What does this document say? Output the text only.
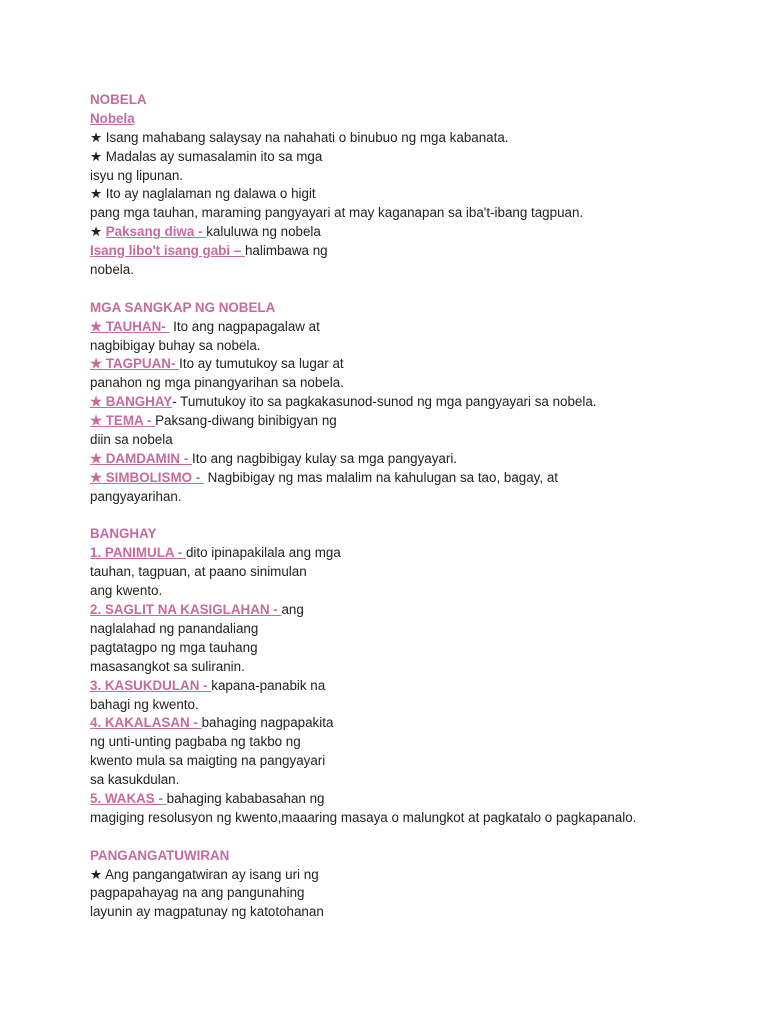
NOBELA
Nobela
★ Isang mahabang salaysay na nahahati o binubuo ng mga kabanata.
★ Madalas ay sumasalamin ito sa mga
isyu ng lipunan.
★ Ito ay naglalaman ng dalawa o higit
pang mga tauhan, maraming pangyayari at may kaganapan sa iba't-ibang tagpuan.
★ Paksang diwa - kaluluwa ng nobela
Isang libo't isang gabi – halimbawa ng
nobela.
MGA SANGKAP NG NOBELA
★ TAUHAN-  Ito ang nagpapagalaw at
nagbibigay buhay sa nobela.
★ TAGPUAN- Ito ay tumutukoy sa lugar at
panahon ng mga pinangyarihan sa nobela.
★ BANGHAY- Tumutukoy ito sa pagkakasunod-sunod ng mga pangyayari sa nobela.
★ TEMA - Paksang-diwang binibigyan ng
diin sa nobela
★ DAMDAMIN - Ito ang nagbibigay kulay sa mga pangyayari.
★ SIMBOLISMO -  Nagbibigay ng mas malalim na kahulugan sa tao, bagay, at
pangyayarihan.
BANGHAY
1. PANIMULA - dito ipinapakilala ang mga
tauhan, tagpuan, at paano sinimulan
ang kwento.
2. SAGLIT NA KASIGLAHAN - ang
naglalahad ng panandaliang
pagtatagpo ng mga tauhang
masasangkot sa suliranin.
3. KASUKDULAN - kapana-panabik na
bahagi ng kwento.
4. KAKALASAN - bahaging nagpapakita
ng unti-unting pagbaba ng takbo ng
kwento mula sa maigting na pangyayari
sa kasukdulan.
5. WAKAS - bahaging kababasahan ng
magiging resolusyon ng kwento,maaaring masaya o malungkot at pagkatalo o pagkapanalo.
PANGANGATUWIRAN
★ Ang pangangatwiran ay isang uri ng
pagpapahayag na ang pangunahing
layunin ay magpatunay ng katotohanan
